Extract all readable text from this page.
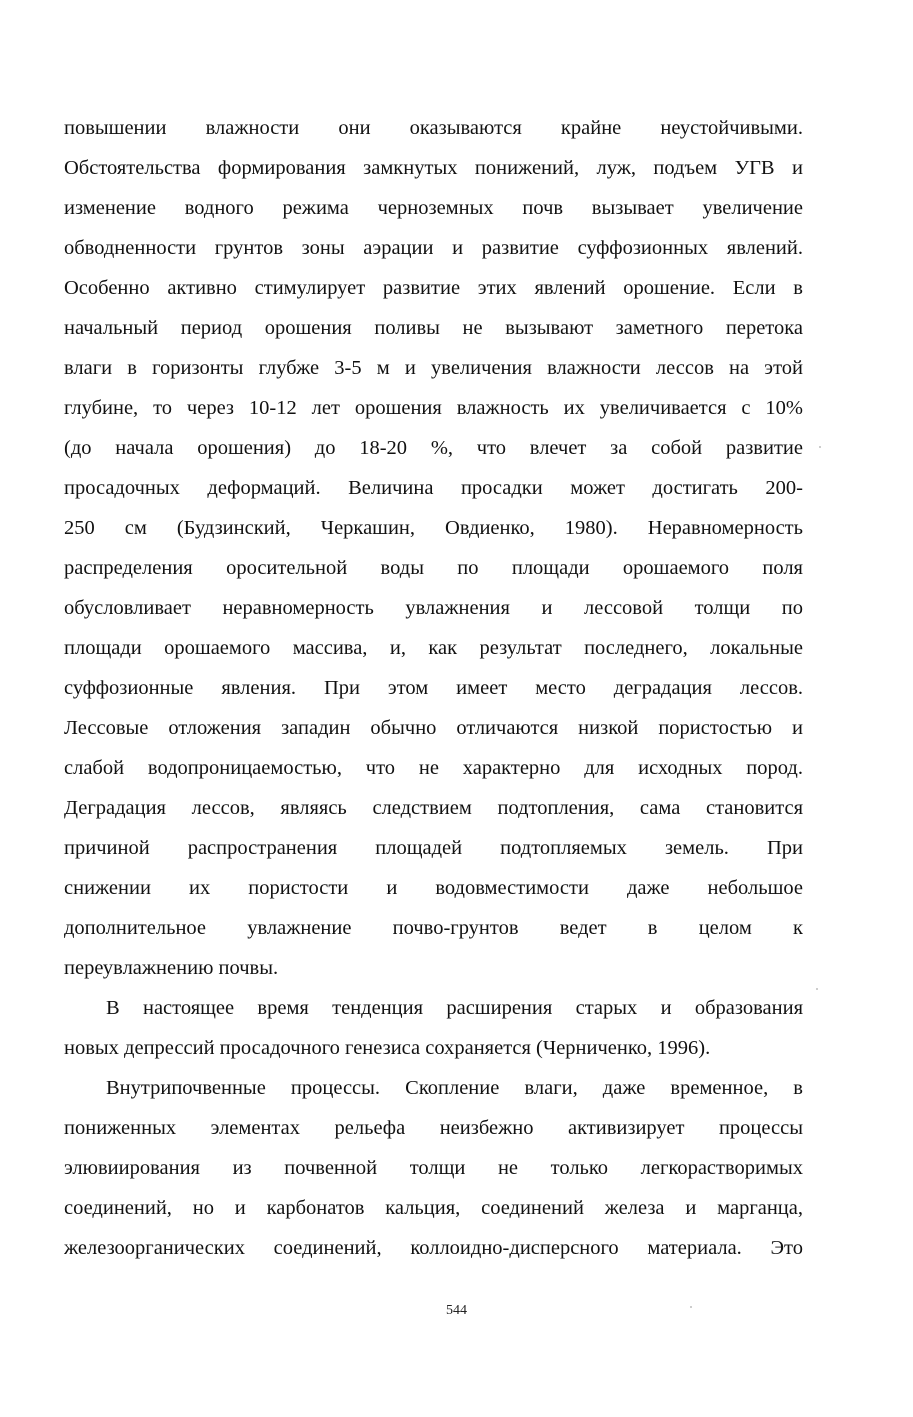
повышении влажности они оказываются крайне неустойчивыми.
Обстоятельства формирования замкнутых понижений, луж, подъем УГВ и
изменение водного режима черноземных почв вызывает увеличение
обводненности грунтов зоны аэрации и развитие суффозионных явлений.
Особенно активно стимулирует развитие этих явлений орошение. Если в
начальный период орошения поливы не вызывают заметного перетока
влаги в горизонты глубже 3-5 м и увеличения влажности лессов на этой
глубине, то через 10-12 лет орошения влажность их увеличивается с 10%
(до начала орошения) до 18-20 %, что влечет за собой развитие
просадочных деформаций. Величина просадки может достигать 200-
250 см (Будзинский, Черкашин, Овдиенко, 1980). Неравномерность
распределения оросительной воды по площади орошаемого поля
обусловливает неравномерность увлажнения и лессовой толщи по
площади орошаемого массива, и, как результат последнего, локальные
суффозионные явления. При этом имеет место деградация лессов.
Лессовые отложения западин обычно отличаются низкой пористостью и
слабой водопроницаемостью, что не характерно для исходных пород.
Деградация лессов, являясь следствием подтопления, сама становится
причиной распространения площадей подтопляемых земель. При
снижении их пористости и водовместимости даже небольшое
дополнительное увлажнение почво-грунтов ведет в целом к
переувлажнению почвы.
В настоящее время тенденция расширения старых и образования
новых депрессий просадочного генезиса сохраняется (Черниченко, 1996).
Внутрипочвенные процессы. Скопление влаги, даже временное, в
пониженных элементах рельефа неизбежно активизирует процессы
элювиирования из почвенной толщи не только легкорастворимых
соединений, но и карбонатов кальция, соединений железа и марганца,
железоорганических соединений, коллоидно-дисперсного материала. Это
544
